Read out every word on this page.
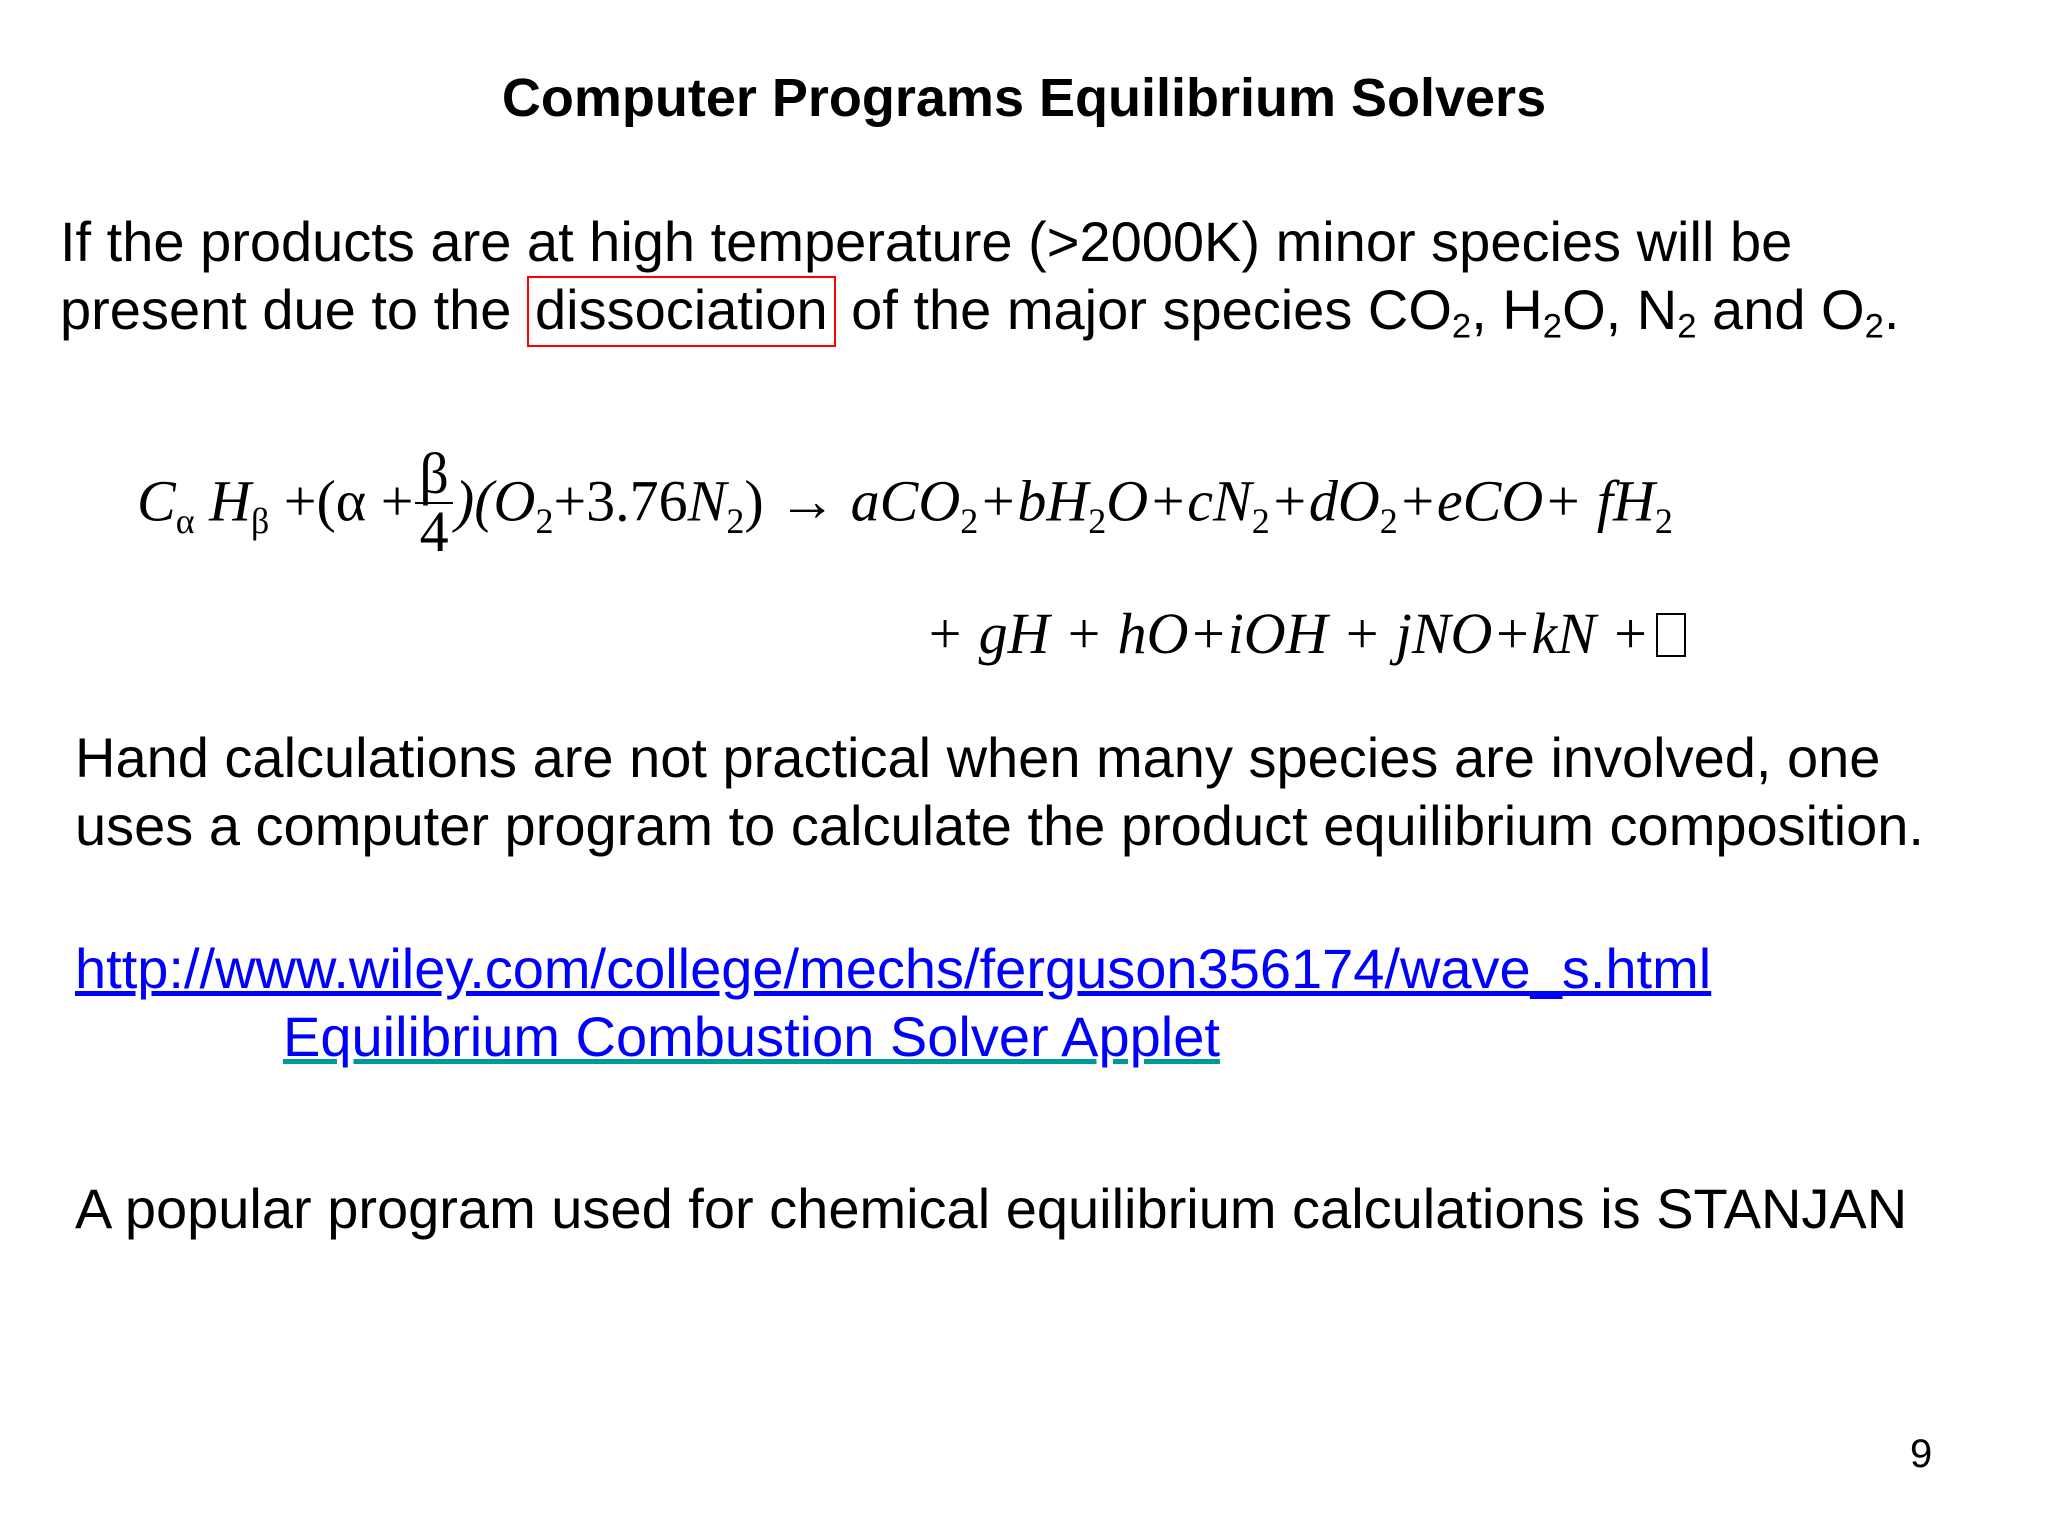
Computer Programs Equilibrium Solvers
If the products are at high temperature (>2000K) minor species will be
present due to the dissociation of the major species $CO_2$, $H_2O$, $N_2$ and $O_2$.
$C_\alpha$ $H_\beta +(\alpha + \frac{\beta}{4} )(O_2+3.76N_2) \to aCO_2+bH_2O+cN_2+dO_2+eCO+ fH_2$
+ gH + hO+iOH + jNO+kN +
Hand calculations are not practical when many species are involved, one
uses a computer program to calculate the product equilibrium composition.
http://www.wiley.com/college/mechs/ferguson356174/wave_s.html
Equilibrium Combustion Solver Applet
A popular program used for chemical equilibrium calculations is STANJAN
9
